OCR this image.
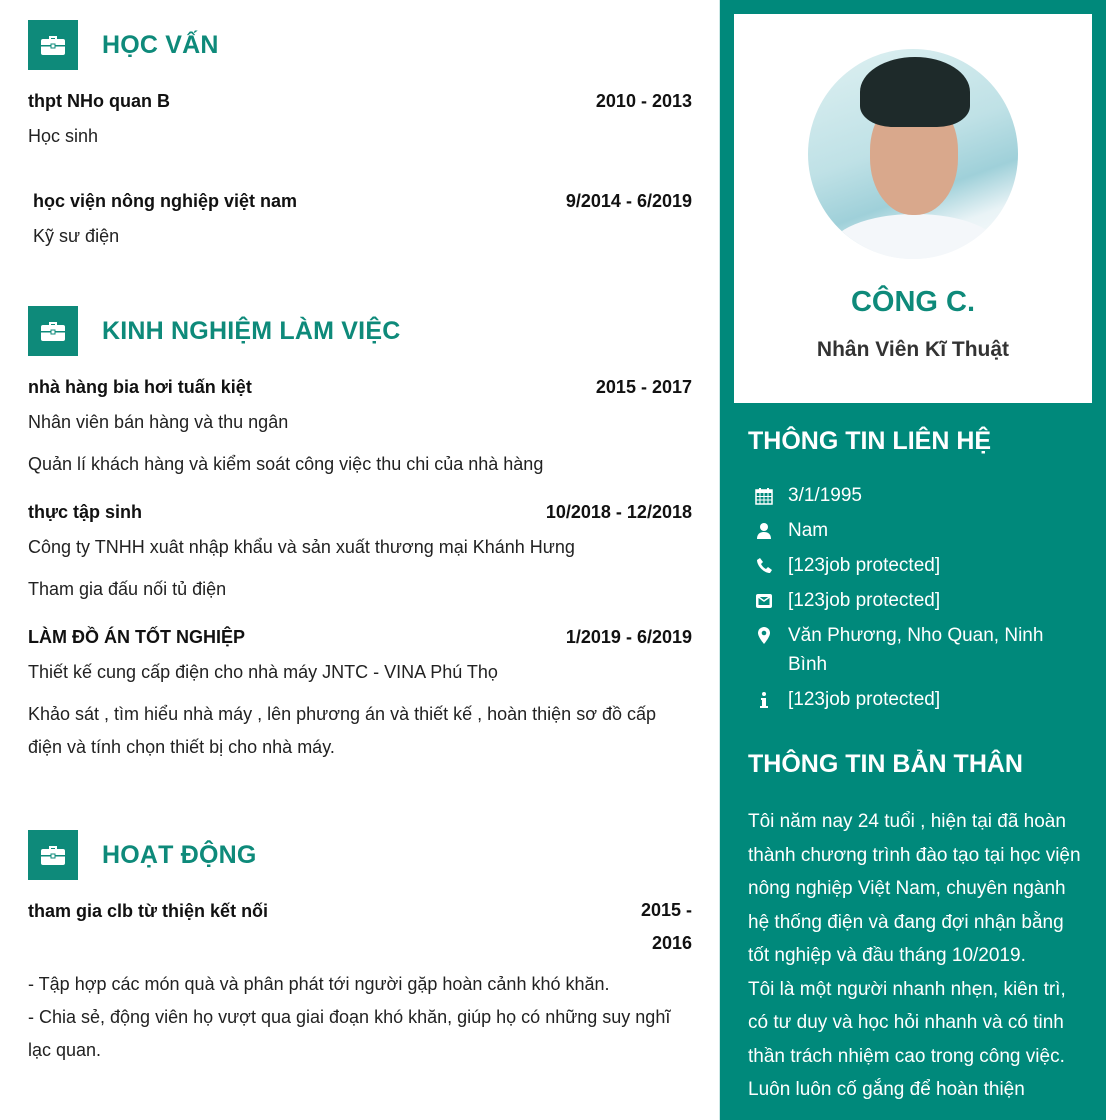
HỌC VẤN
thpt NHo quan B	2010 - 2013
Học sinh
học viện nông nghiệp việt nam	9/2014 - 6/2019
Kỹ sư điện
KINH NGHIỆM LÀM VIỆC
nhà hàng bia hơi tuấn kiệt	2015 - 2017
Nhân viên bán hàng và thu ngân
Quản lí khách hàng và kiểm soát công việc thu chi của nhà hàng
thực tập sinh	10/2018 - 12/2018
Công ty TNHH xuât nhập khẩu và sản xuất thương mại Khánh Hưng
Tham gia đấu nối tủ điện
LÀM ĐỒ ÁN TỐT NGHIỆP	1/2019 - 6/2019
Thiết kế cung cấp điện cho nhà máy JNTC - VINA Phú Thọ
Khảo sát , tìm hiểu nhà máy , lên phương án và thiết kế , hoàn thiện sơ đồ cấp điện và tính chọn thiết bị cho nhà máy.
HOẠT ĐỘNG
tham gia clb từ thiện kết nối	2015 -
2016
- Tập hợp các món quà và phân phát tới người gặp hoàn cảnh khó khăn.
- Chia sẻ, động viên họ vượt qua giai đoạn khó khăn, giúp họ có những suy nghĩ lạc quan.
CÔNG C.
Nhân Viên Kĩ Thuật
THÔNG TIN LIÊN HỆ
3/1/1995
Nam
[123job protected]
[123job protected]
Văn Phương, Nho Quan, Ninh Bình
[123job protected]
THÔNG TIN BẢN THÂN
Tôi năm nay 24 tuổi , hiện tại đã hoàn thành chương trình đào tạo tại học viện nông nghiệp Việt Nam, chuyên ngành hệ thống điện và đang đợi nhận bằng tốt nghiệp và đầu tháng 10/2019.
Tôi là một người nhanh nhẹn, kiên trì, có tư duy và học hỏi nhanh và có tinh thần trách nhiệm cao trong công việc.
Luôn luôn cố gắng để hoàn thiện
